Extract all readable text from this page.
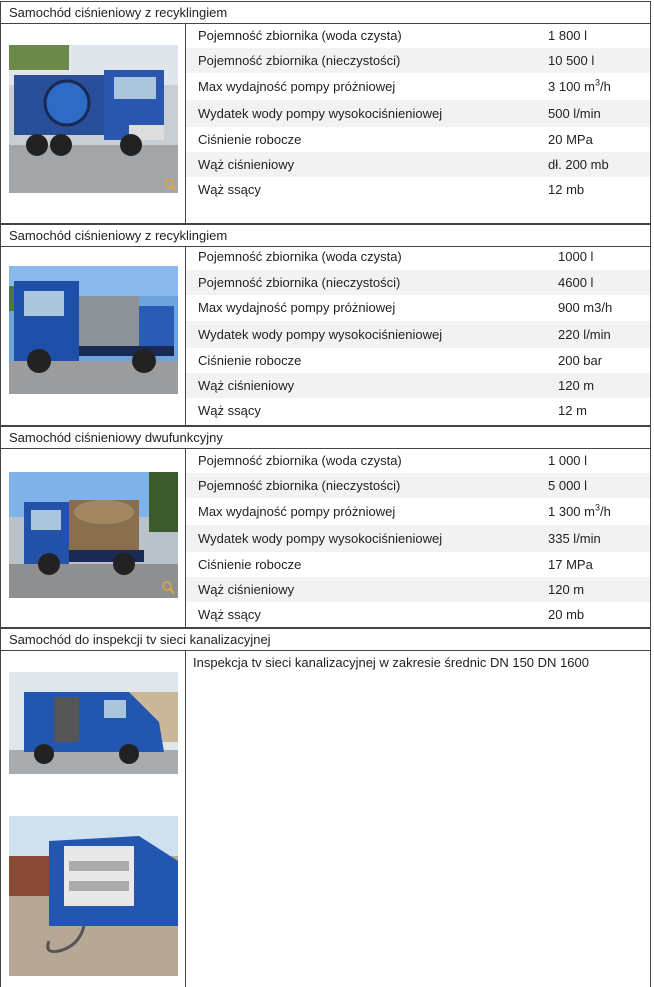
Samochód ciśnieniowy z recyklingiem
Pojemność zbiornika (woda czysta)	1 800 l
Pojemność zbiornika (nieczystości)	10 500 l
Max wydajność pompy próżniowej	3 100 $m^3/h$
Wydatek wody pompy wysokociśnieniowej	500 l/min
Ciśnienie robocze	20 MPa
Wąż ciśnieniowy	dł. 200 mb
Wąż ssący	12 mb
Samochód ciśnieniowy z recyklingiem
Pojemność zbiornika (woda czysta)	1000 l
Pojemność zbiornika (nieczystości)	4600 l
Max wydajność pompy próżniowej	900 m3/h
Wydatek wody pompy wysokociśnieniowej	220 l/min
Ciśnienie robocze	200 bar
Wąż ciśnieniowy	120 m
Wąż ssący	12 m
Samochód ciśnieniowy dwufunkcyjny
Pojemność zbiornika (woda czysta)	1 000 l
Pojemność zbiornika (nieczystości)	5 000 l
Max wydajność pompy próżniowej	1 300 $m^3/h$
Wydatek wody pompy wysokociśnieniowej	335 l/min
Ciśnienie robocze	17 MPa
Wąż ciśnieniowy	120 m
Wąż ssący	20 mb
Samochód do inspekcji tv sieci kanalizacyjnej
Inspekcja tv sieci kanalizacyjnej w zakresie średnic DN 150 DN 1600
